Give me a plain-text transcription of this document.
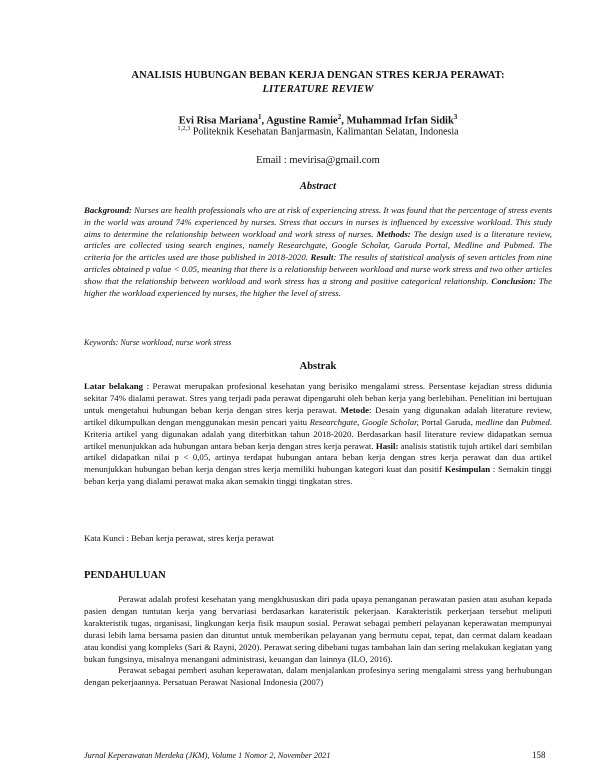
ANALISIS HUBUNGAN BEBAN KERJA DENGAN STRES KERJA PERAWAT:
LITERATURE REVIEW
Evi Risa Mariana$^1$, Agustine Ramie$^2$, Muhammad Irfan Sidik$^3$
$^{1,2,3}$ Politeknik Kesehatan Banjarmasin, Kalimantan Selatan, Indonesia
Email : mevirisa@gmail.com
Abstract
Background: Nurses are health professionals who are at risk of experiencing stress. It was found that the percentage of stress events in the world was around 74% experienced by nurses. Stress that occurs in nurses is influenced by excessive workload. This study aims to determine the relationship between workload and work stress of nurses. Methods: The design used is a literature review, articles are collected using search engines, namely Researchgate, Google Scholar, Garuda Portal, Medline and Pubmed. The criteria for the articles used are those published in 2018-2020. Result: The results of statistical analysis of seven articles from nine articles obtained p value < 0.05, meaning that there is a relationship between workload and nurse work stress and two other articles show that the relationship between workload and work stress has a strong and positive categorical relationship. Conclusion: The higher the workload experienced by nurses, the higher the level of stress.
Keywords: Nurse workload, nurse work stress
Abstrak
Latar belakang : Perawat merupakan profesional kesehatan yang berisiko mengalami stress. Persentase kejadian stress didunia sekitar 74% dialami perawat. Stres yang terjadi pada perawat dipengaruhi oleh beban kerja yang berlebihan. Penelitian ini bertujuan untuk mengetahui hubungan beban kerja dengan stres kerja perawat. Metode: Desain yang digunakan adalah literature review, artikel dikumpulkan dengan menggunakan mesin pencari yaitu Researchgate, Google Scholar, Portal Garuda, medline dan Pubmed. Kriteria artikel yang digunakan adalah yang diterbitkan tahun 2018-2020. Berdasarkan hasil literature review didapatkan semua artikel menunjukkan ada hubungan antara beban kerja dengan stres kerja perawat. Hasil: analisis statistik tujuh artikel dari sembilan artikel didapatkan nilai p < 0,05, artinya terdapat hubungan antara beban kerja dengan stres kerja perawat dan dua artikel menunjukkan hubungan beban kerja dengan stres kerja memiliki hubungan kategori kuat dan positif Kesimpulan : Semakin tinggi beban kerja yang dialami perawat maka akan semakin tinggi tingkatan stres.
Kata Kunci : Beban kerja perawat, stres kerja perawat
PENDAHULUAN

Perawat adalah profesi kesehatan yang mengkhususkan diri pada upaya penanganan perawatan pasien atau asuhan kepada pasien dengan tuntutan kerja yang bervariasi berdasarkan karateristik pekerjaan. Karakteristik perkerjaan tersebut meliputi karakteristik tugas, organisasi, lingkungan kerja fisik maupun sosial. Perawat sebagai pemberi pelayanan keperawatan mempunyai durasi lebih lama bersama pasien dan dituntut untuk memberikan pelayanan yang bermutu cepat, tepat, dan cermat dalam keadaan atau kondisi yang kompleks (Sari & Rayni, 2020). Perawat sering dibebani tugas tambahan lain dan sering melakukan kegiatan yang bukan fungsinya, misalnya menangani administrasi, keuangan dan lainnya (ILO, 2016).

Perawat sebagai pemberi asuhan keperawatan, dalam menjalankan profesinya sering mengalami stress yang berhubungan dengan pekerjaannya. Persatuan Perawat Nasional Indonesia (2007)

Jurnal Keperawatan Merdeka (JKM), Volume 1 Nomor 2, November 2021	158
